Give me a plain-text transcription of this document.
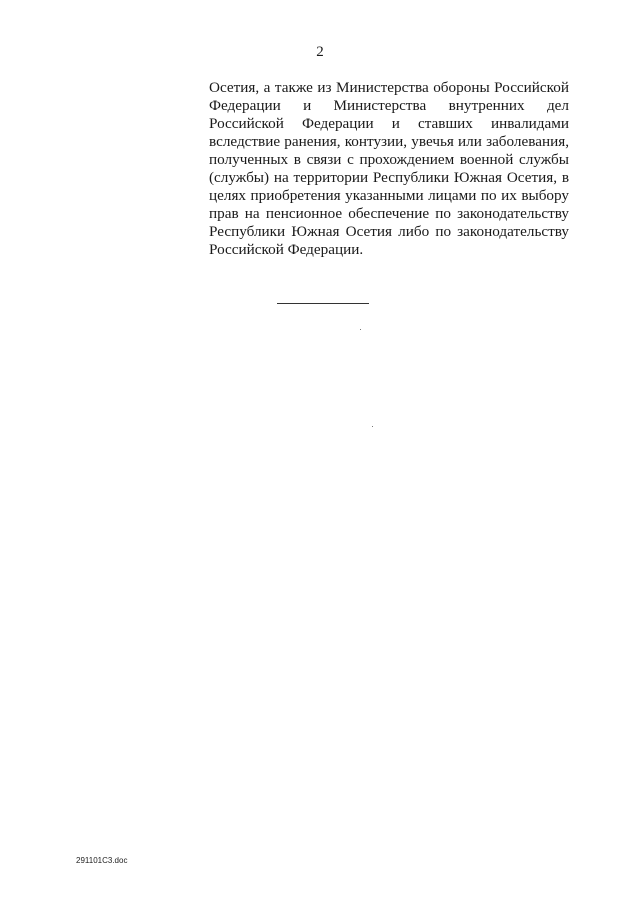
2
Осетия, а также из Министерства обороны Российской
Федерации и Министерства внутренних дел
Российской Федерации и ставших инвалидами
вследствие ранения, контузии, увечья или заболевания,
полученных в связи с прохождением военной службы
(службы) на территории Республики Южная Осетия, в
целях приобретения указанными лицами по их выбору
прав на пенсионное обеспечение по законодательству
Республики Южная Осетия либо по законодательству
Российской Федерации.
291101C3.doc
